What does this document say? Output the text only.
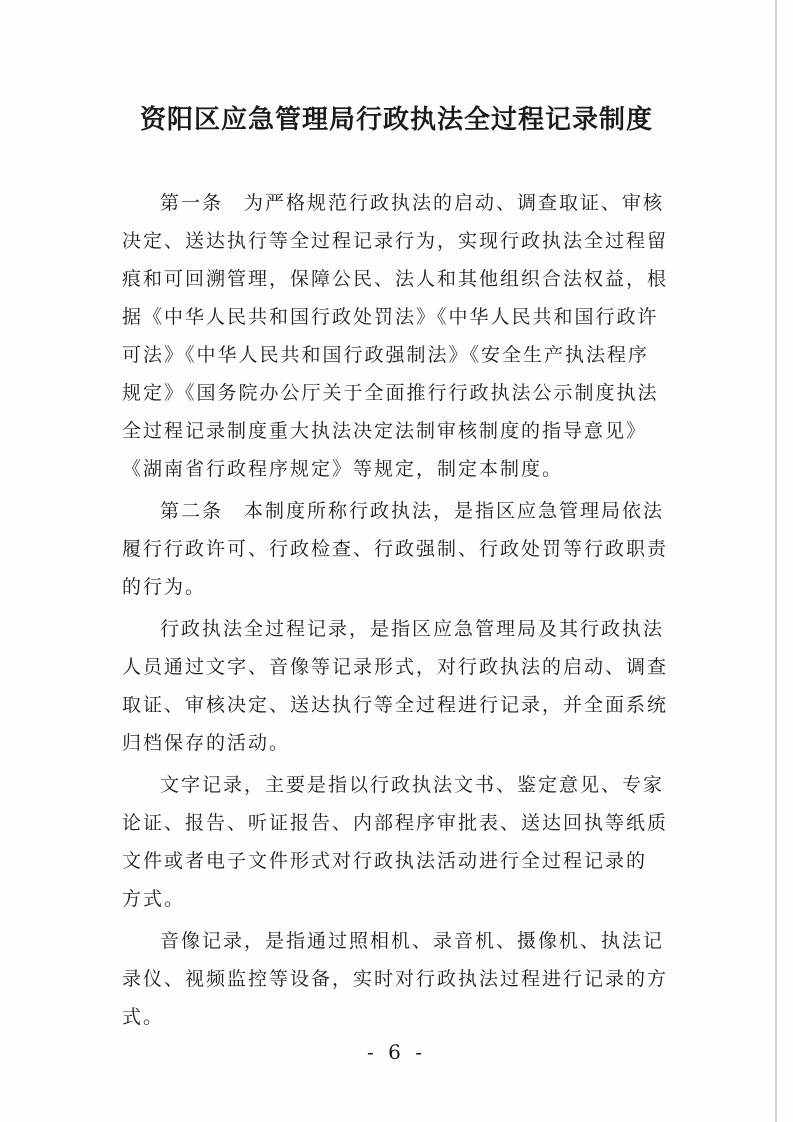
资阳区应急管理局行政执法全过程记录制度

第一条　为严格规范行政执法的启动、调查取证、审核
决定、送达执行等全过程记录行为，实现行政执法全过程留
痕和可回溯管理，保障公民、法人和其他组织合法权益，根
据《中华人民共和国行政处罚法》《中华人民共和国行政许
可法》《中华人民共和国行政强制法》《安全生产执法程序
规定》《国务院办公厅关于全面推行行政执法公示制度执法
全过程记录制度重大执法决定法制审核制度的指导意见》
《湖南省行政程序规定》等规定，制定本制度。

第二条　本制度所称行政执法，是指区应急管理局依法
履行行政许可、行政检查、行政强制、行政处罚等行政职责
的行为。

行政执法全过程记录，是指区应急管理局及其行政执法
人员通过文字、音像等记录形式，对行政执法的启动、调查
取证、审核决定、送达执行等全过程进行记录，并全面系统
归档保存的活动。

文字记录，主要是指以行政执法文书、鉴定意见、专家
论证、报告、听证报告、内部程序审批表、送达回执等纸质
文件或者电子文件形式对行政执法活动进行全过程记录的
方式。

音像记录，是指通过照相机、录音机、摄像机、执法记
录仪、视频监控等设备，实时对行政执法过程进行记录的方
式。

- 6 -
